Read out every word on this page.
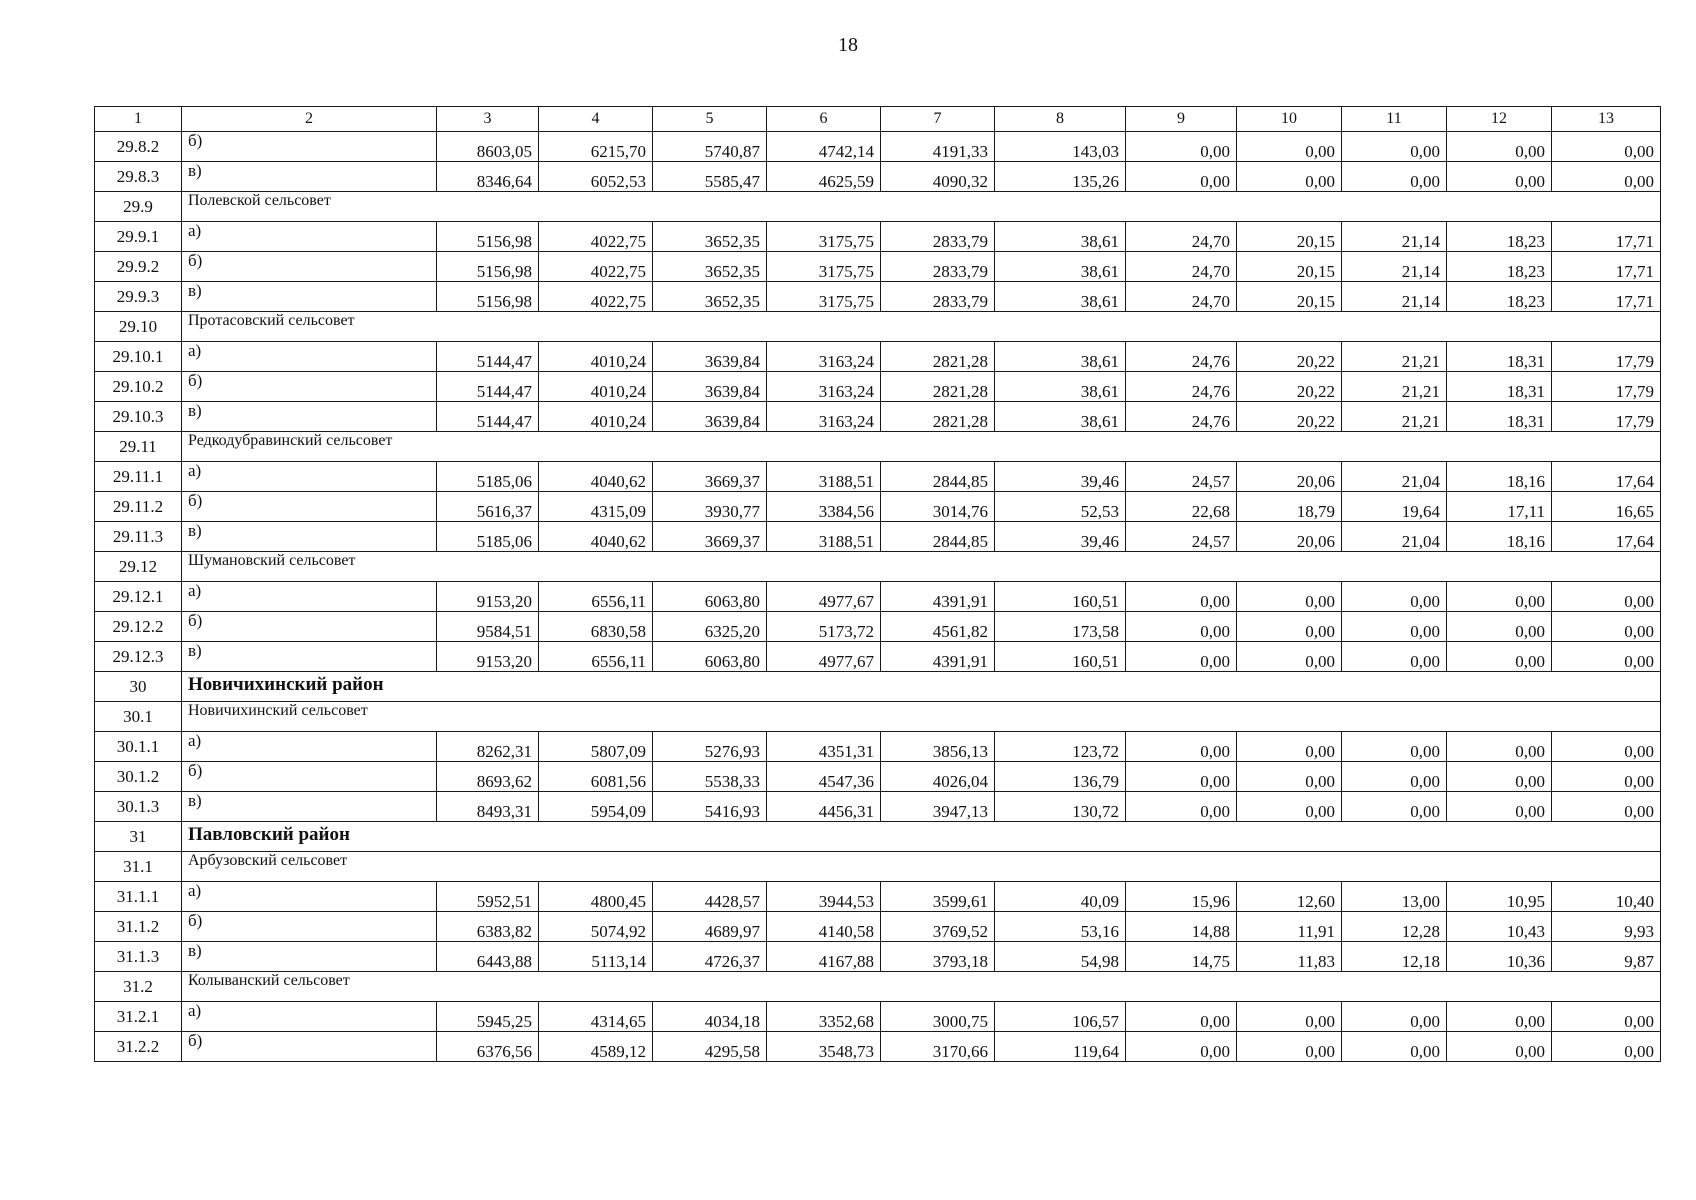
18
1	2	3	4	5	6	7	8	9	10	11	12	13
29.8.2	б)	8603,05	6215,70	5740,87	4742,14	4191,33	143,03	0,00	0,00	0,00	0,00	0,00
29.8.3	в)	8346,64	6052,53	5585,47	4625,59	4090,32	135,26	0,00	0,00	0,00	0,00	0,00
29.9	Полевской сельсовет											
29.9.1	а)	5156,98	4022,75	3652,35	3175,75	2833,79	38,61	24,70	20,15	21,14	18,23	17,71
29.9.2	б)	5156,98	4022,75	3652,35	3175,75	2833,79	38,61	24,70	20,15	21,14	18,23	17,71
29.9.3	в)	5156,98	4022,75	3652,35	3175,75	2833,79	38,61	24,70	20,15	21,14	18,23	17,71
29.10	Протасовский сельсовет											
29.10.1	а)	5144,47	4010,24	3639,84	3163,24	2821,28	38,61	24,76	20,22	21,21	18,31	17,79
29.10.2	б)	5144,47	4010,24	3639,84	3163,24	2821,28	38,61	24,76	20,22	21,21	18,31	17,79
29.10.3	в)	5144,47	4010,24	3639,84	3163,24	2821,28	38,61	24,76	20,22	21,21	18,31	17,79
29.11	Редкодубравинский сельсовет											
29.11.1	а)	5185,06	4040,62	3669,37	3188,51	2844,85	39,46	24,57	20,06	21,04	18,16	17,64
29.11.2	б)	5616,37	4315,09	3930,77	3384,56	3014,76	52,53	22,68	18,79	19,64	17,11	16,65
29.11.3	в)	5185,06	4040,62	3669,37	3188,51	2844,85	39,46	24,57	20,06	21,04	18,16	17,64
29.12	Шумановский сельсовет											
29.12.1	а)	9153,20	6556,11	6063,80	4977,67	4391,91	160,51	0,00	0,00	0,00	0,00	0,00
29.12.2	б)	9584,51	6830,58	6325,20	5173,72	4561,82	173,58	0,00	0,00	0,00	0,00	0,00
29.12.3	в)	9153,20	6556,11	6063,80	4977,67	4391,91	160,51	0,00	0,00	0,00	0,00	0,00
30	Новичихинский район											
30.1	Новичихинский сельсовет											
30.1.1	а)	8262,31	5807,09	5276,93	4351,31	3856,13	123,72	0,00	0,00	0,00	0,00	0,00
30.1.2	б)	8693,62	6081,56	5538,33	4547,36	4026,04	136,79	0,00	0,00	0,00	0,00	0,00
30.1.3	в)	8493,31	5954,09	5416,93	4456,31	3947,13	130,72	0,00	0,00	0,00	0,00	0,00
31	Павловский район											
31.1	Арбузовский сельсовет											
31.1.1	а)	5952,51	4800,45	4428,57	3944,53	3599,61	40,09	15,96	12,60	13,00	10,95	10,40
31.1.2	б)	6383,82	5074,92	4689,97	4140,58	3769,52	53,16	14,88	11,91	12,28	10,43	9,93
31.1.3	в)	6443,88	5113,14	4726,37	4167,88	3793,18	54,98	14,75	11,83	12,18	10,36	9,87
31.2	Колыванский сельсовет											
31.2.1	а)	5945,25	4314,65	4034,18	3352,68	3000,75	106,57	0,00	0,00	0,00	0,00	0,00
31.2.2	б)	6376,56	4589,12	4295,58	3548,73	3170,66	119,64	0,00	0,00	0,00	0,00	0,00
